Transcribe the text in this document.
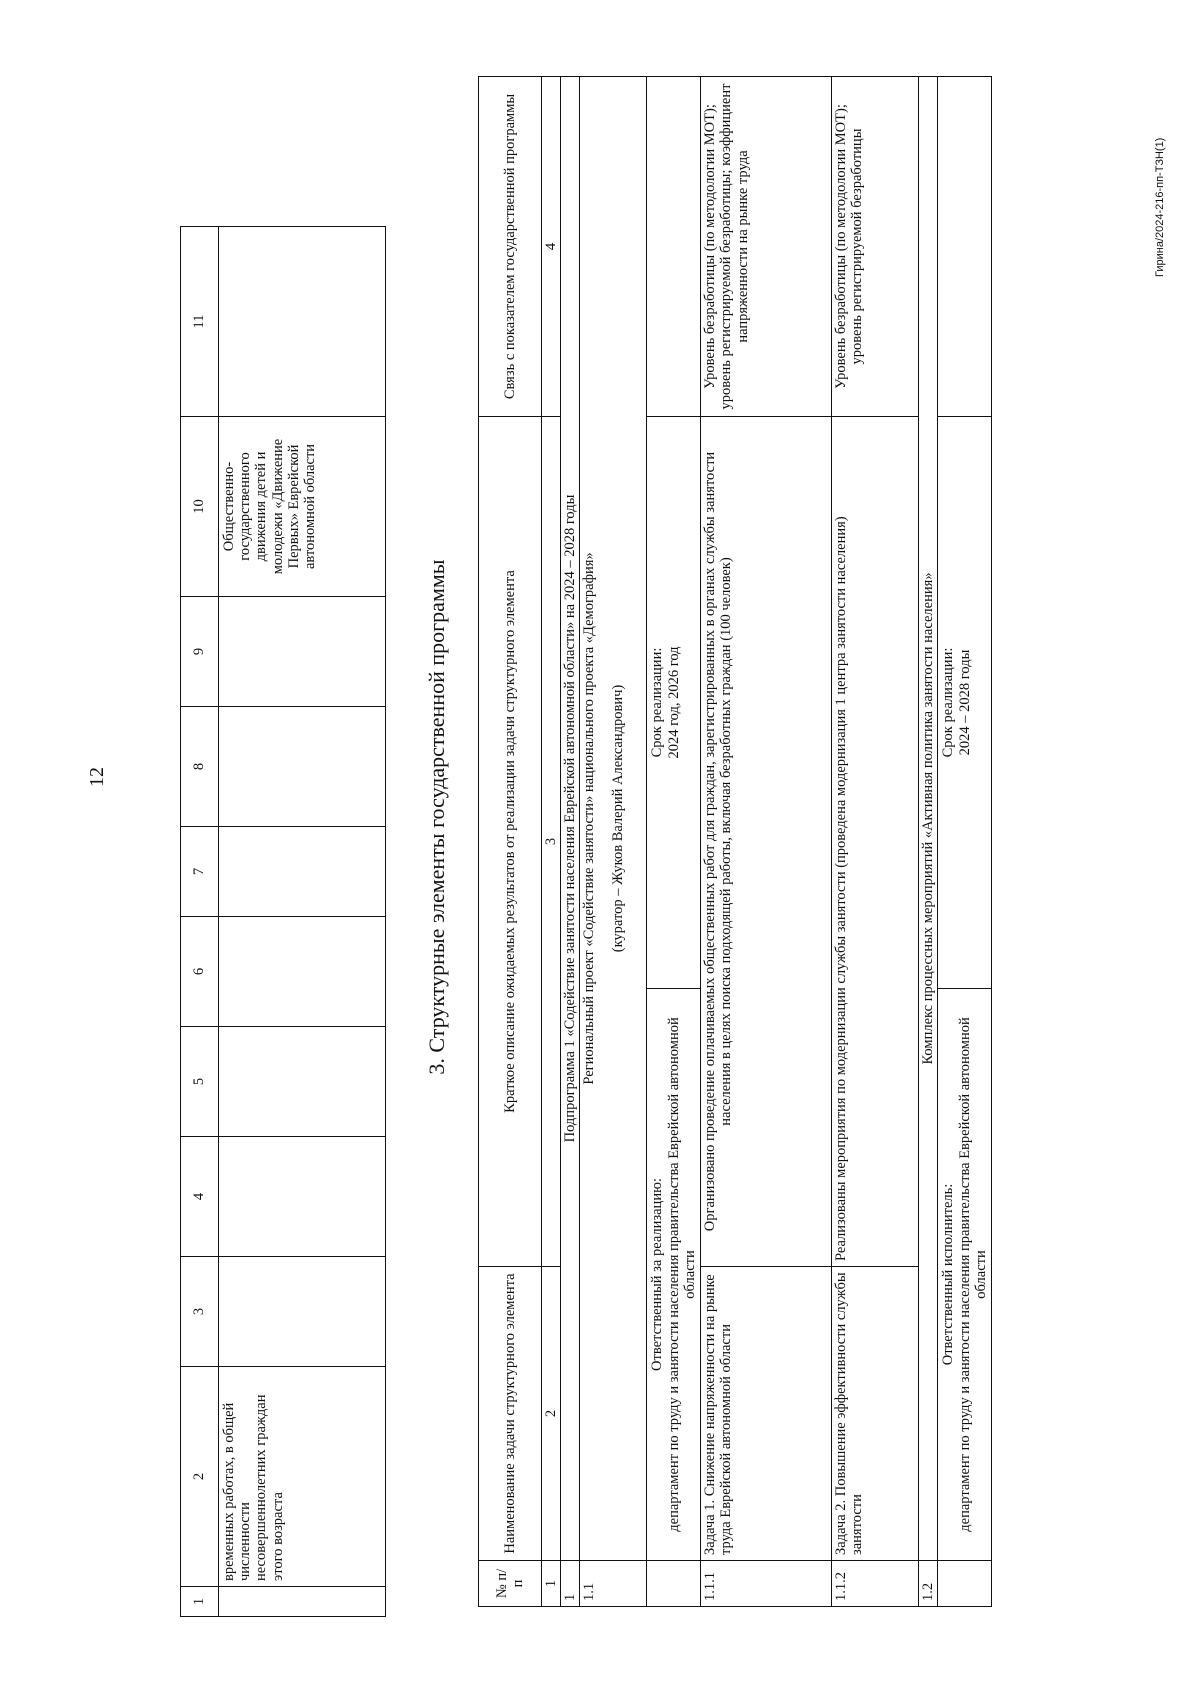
12
1	2	3	4	5	6	7	8	9	10	11
	временных работах, в общей численности несовершеннолетних граждан этого возраста								Общественно-государственного движения детей и молодежи «Движение Первых» Еврейской автономной области	
3. Структурные элементы государственной программы
№ п/п	Наименование задачи структурного элемента	Краткое описание ожидаемых результатов от реализации задачи структурного элемента	Связь с показателем государственной программы
1	2	3	4
1	Подпрограмма 1 «Содействие занятости населения Еврейской автономной области» на 2024 – 2028 годы		
1.1	Региональный проект «Содействие занятости» национального проекта «Демография» (куратор – Жуков Валерий Александрович)		

	Ответственный за реализацию: департамент по труду и занятости населения правительства Еврейской автономной области
Срок реализации: 2024 год, 2026 год		

1.1.1	Задача 1. Снижение напряженности на рынке труда Еврейской автономной области	Организовано проведение оплачиваемых общественных работ для граждан, зарегистрированных в органах службы занятости населения в целях поиска подходящей работы, включая безработных граждан (100 человек)	Уровень безработицы (по методологии МОТ); уровень регистрируемой безработицы; коэффициент напряженности на рынке труда
1.1.2	Задача 2. Повышение эффективности службы занятости	Реализованы мероприятия по модернизации службы занятости (проведена модернизация 1 центра занятости населения)	Уровень безработицы (по методологии МОТ); уровень регистрируемой безработицы
1.2	Комплекс процессных мероприятий «Активная политика занятости населения»		

	Ответственный исполнитель: департамент по труду и занятости населения правительства Еврейской автономной области
Срок реализации: 2024 – 2028 годы		

Гирина/2024-216-пп-ТЗН(1)
